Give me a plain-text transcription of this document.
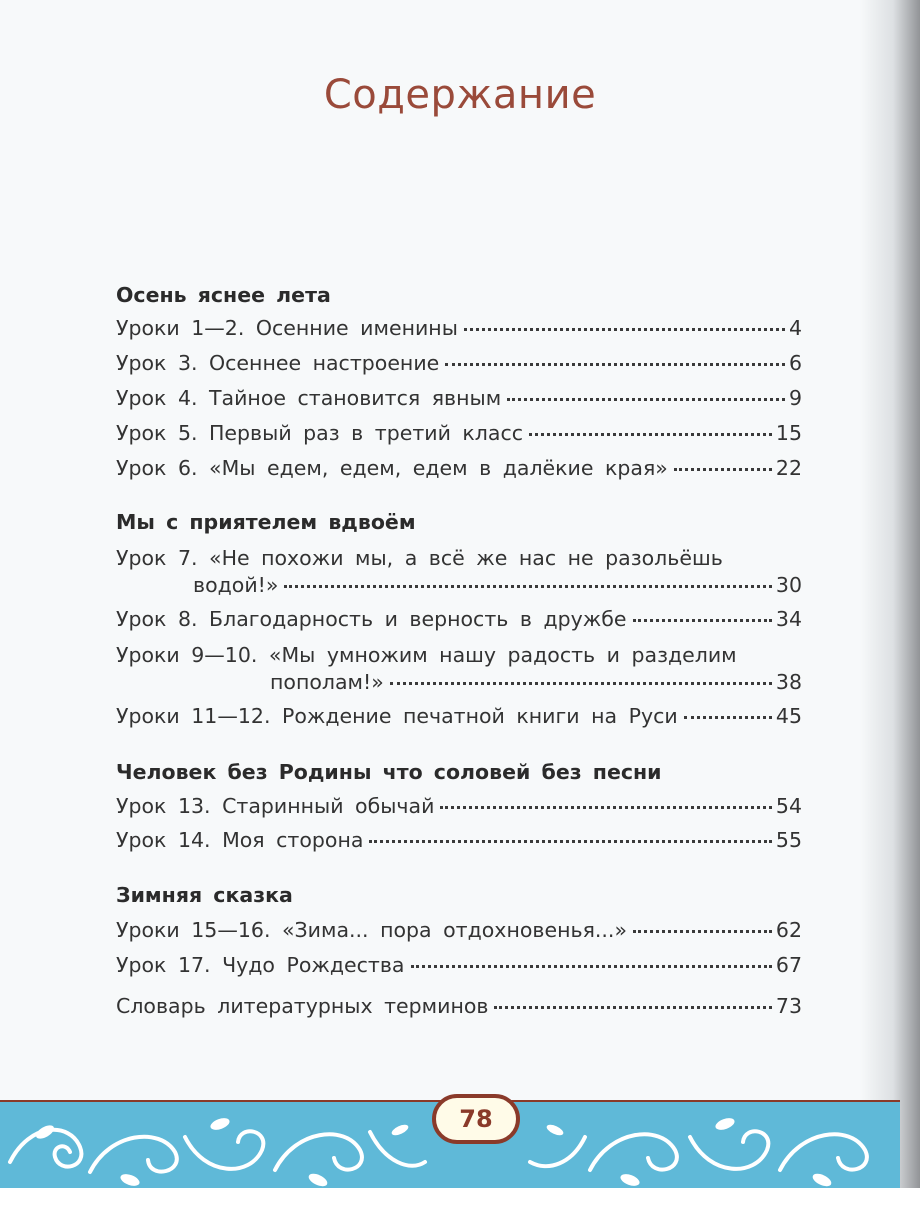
Содержание
Осень яснее лета
Уроки 1—2. Осенние именины	4
Урок 3. Осеннее настроение	6
Урок 4. Тайное становится явным	9
Урок 5. Первый раз в третий класс	15
Урок 6. «Мы едем, едем, едем в далёкие края»	22
Мы с приятелем вдвоём
Урок 7. «Не похожи мы, а всё же нас не разольёшь
водой!»	30
Урок 8. Благодарность и верность в дружбе	34
Уроки 9—10. «Мы умножим нашу радость и разделим
пополам!»	38
Уроки 11—12. Рождение печатной книги на Руси	45
Человек без Родины что соловей без песни
Урок 13. Старинный обычай	54
Урок 14. Моя сторона	55
Зимняя сказка
Уроки 15—16. «Зима... пора отдохновенья...»	62
Урок 17. Чудо Рождества	67
Словарь литературных терминов	73
78
